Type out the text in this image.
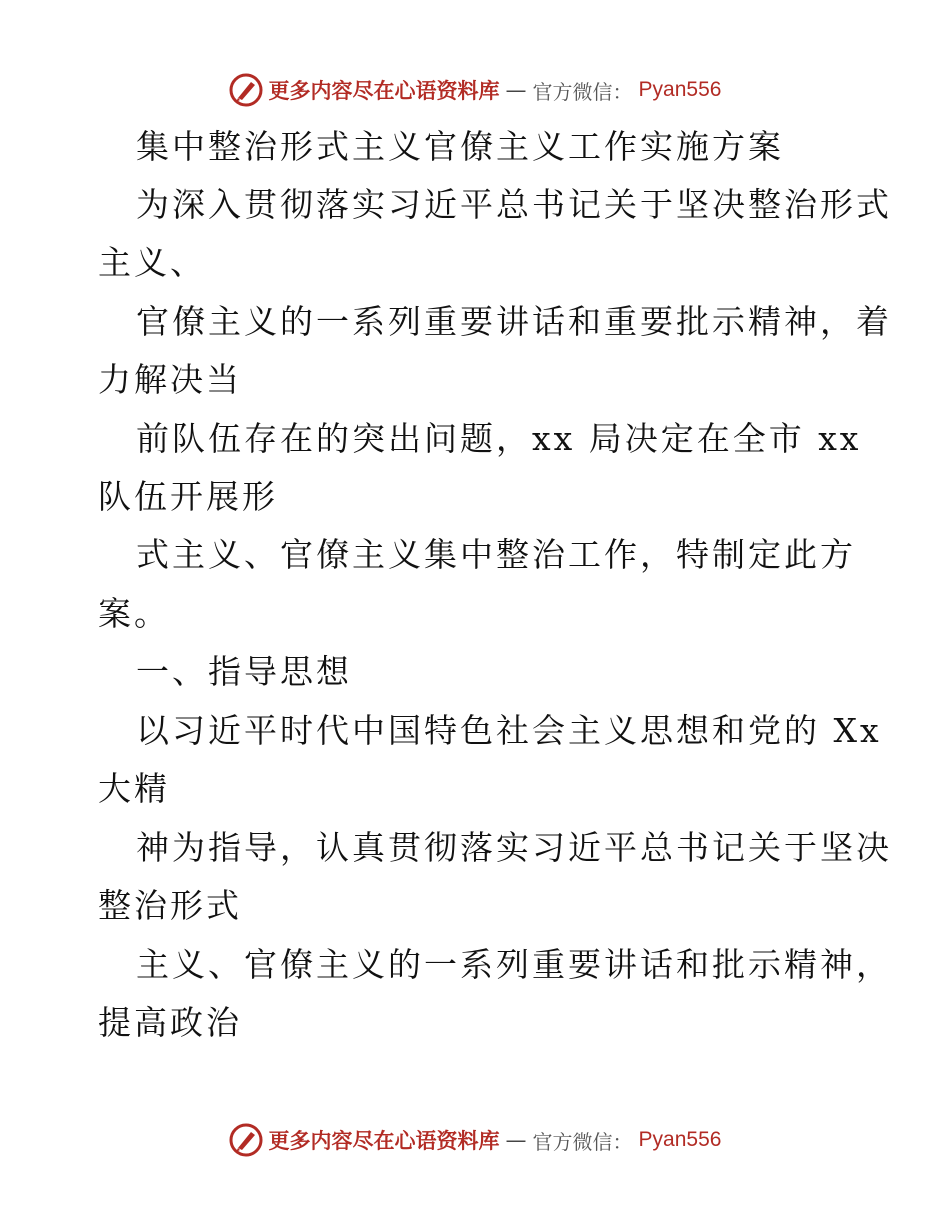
更多内容尽在心语资料库 — 官方微信： Pyan556
集中整治形式主义官僚主义工作实施方案
为深入贯彻落实习近平总书记关于坚决整治形式
主义、
官僚主义的一系列重要讲话和重要批示精神，着
力解决当
前队伍存在的突出问题，xx 局决定在全市 xx
队伍开展形
式主义、官僚主义集中整治工作，特制定此方
案。
一、指导思想
以习近平时代中国特色社会主义思想和党的 Xx
大精
神为指导，认真贯彻落实习近平总书记关于坚决
整治形式
主义、官僚主义的一系列重要讲话和批示精神，
提高政治
更多内容尽在心语资料库 — 官方微信： Pyan556
